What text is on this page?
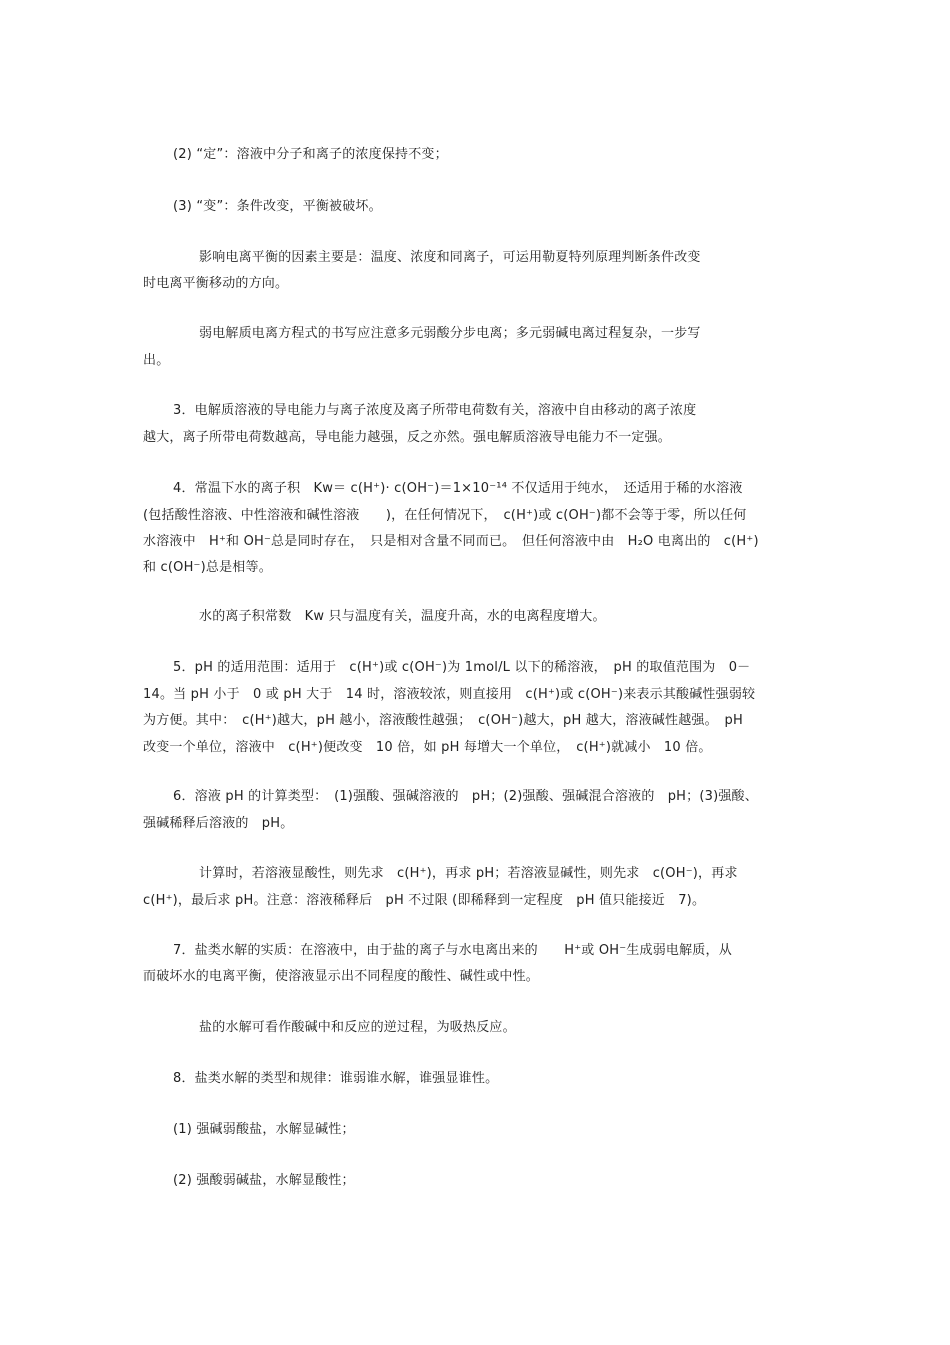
(2) “定”：溶液中分子和离子的浓度保持不变；
(3) “变”：条件改变，平衡被破坏。
影响电离平衡的因素主要是：温度、浓度和同离子，可运用勒夏特列原理判断条件改变
时电离平衡移动的方向。
弱电解质电离方程式的书写应注意多元弱酸分步电离；多元弱碱电离过程复杂，一步写
出。
3．电解质溶液的导电能力与离子浓度及离子所带电荷数有关，溶液中自由移动的离子浓度
越大，离子所带电荷数越高，导电能力越强，反之亦然。强电解质溶液导电能力不一定强。
4．常温下水的离子积　Kw＝ c(H⁺)· c(OH⁻)＝1×10⁻¹⁴ 不仅适用于纯水，　还适用于稀的水溶液
(包括酸性溶液、中性溶液和碱性溶液　　)，在任何情况下，　c(H⁺)或 c(OH⁻)都不会等于零，所以任何
水溶液中　H⁺和 OH⁻总是同时存在，　只是相对含量不同而已。　但任何溶液中由　H₂O 电离出的　c(H⁺)
和 c(OH⁻)总是相等。
水的离子积常数　Kw 只与温度有关，温度升高，水的电离程度增大。
5．pH 的适用范围：适用于　c(H⁺)或 c(OH⁻)为 1mol/L 以下的稀溶液，　pH 的取值范围为　0－
14。当 pH 小于　0 或 pH 大于　14 时，溶液较浓，则直接用　c(H⁺)或 c(OH⁻)来表示其酸碱性强弱较
为方便。其中：　c(H⁺)越大，pH 越小，溶液酸性越强；　c(OH⁻)越大，pH 越大，溶液碱性越强。　pH
改变一个单位，溶液中　c(H⁺)便改变　10 倍，如 pH 每增大一个单位，　c(H⁺)就减小　10 倍。
6．溶液 pH 的计算类型：　(1)强酸、强碱溶液的　pH；(2)强酸、强碱混合溶液的　pH；(3)强酸、
强碱稀释后溶液的　pH。
计算时，若溶液显酸性，则先求　c(H⁺)，再求 pH；若溶液显碱性，则先求　c(OH⁻)，再求
c(H⁺)，最后求 pH。注意：溶液稀释后　pH 不过限 (即稀释到一定程度　pH 值只能接近　7)。
7．盐类水解的实质：在溶液中，由于盐的离子与水电离出来的　　H⁺或 OH⁻生成弱电解质，从
而破坏水的电离平衡，使溶液显示出不同程度的酸性、碱性或中性。
盐的水解可看作酸碱中和反应的逆过程，为吸热反应。
8．盐类水解的类型和规律：谁弱谁水解，谁强显谁性。
(1) 强碱弱酸盐，水解显碱性；
(2) 强酸弱碱盐，水解显酸性；
